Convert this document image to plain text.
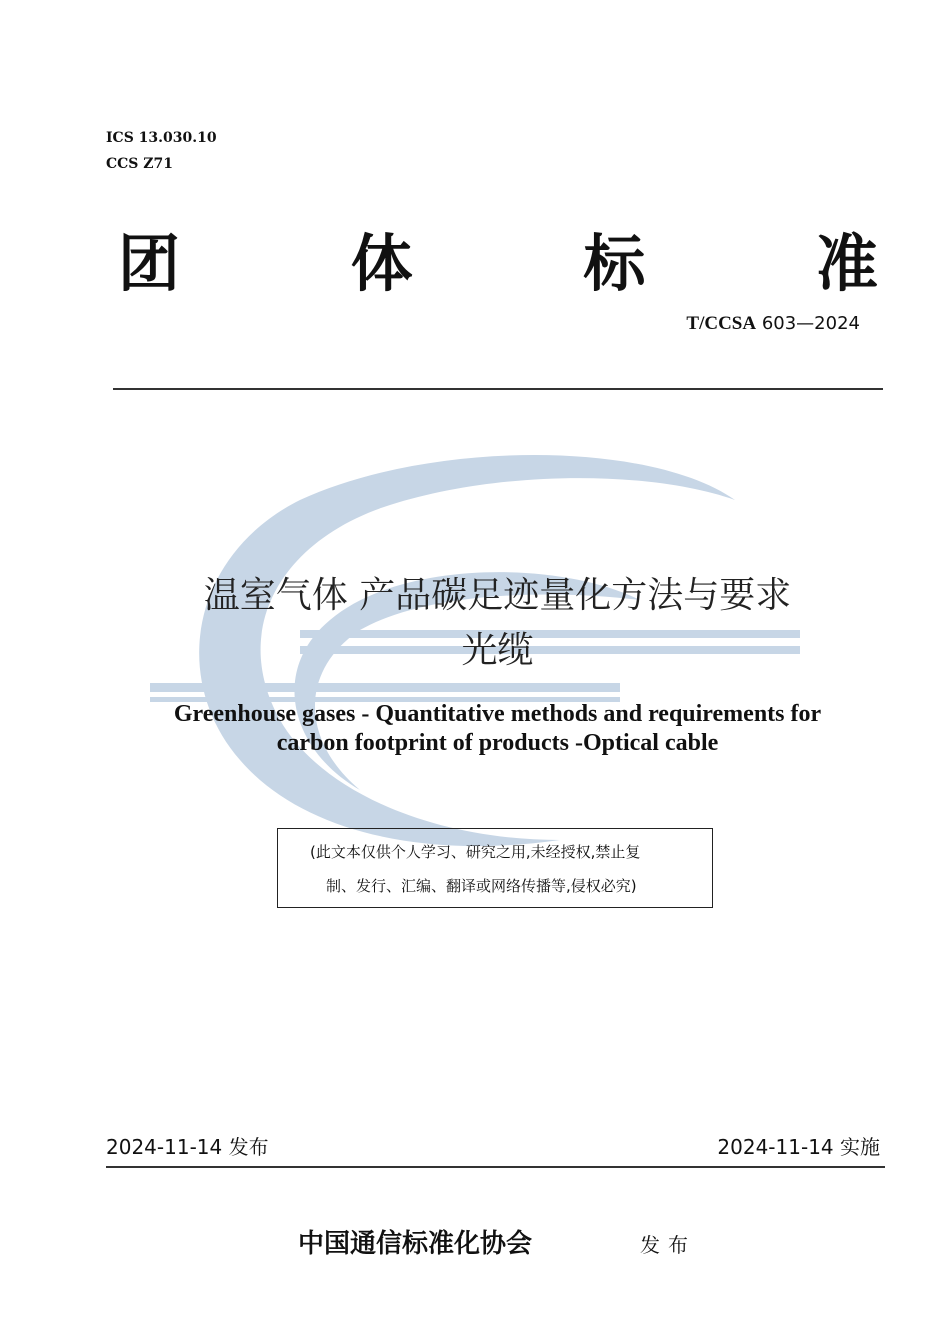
ICS 13.030.10
CCS Z71
团	体	标	准
T/CCSA 603—2024
温室气体 产品碳足迹量化方法与要求
光缆
Greenhouse gases - Quantitative methods and requirements for
carbon footprint of products -Optical cable
(此文本仅供个人学习、研究之用,未经授权,禁止复
制、发行、汇编、翻译或网络传播等,侵权必究)
2024-11-14 发布	2024-11-14 实施
中国通信标准化协会	发布
